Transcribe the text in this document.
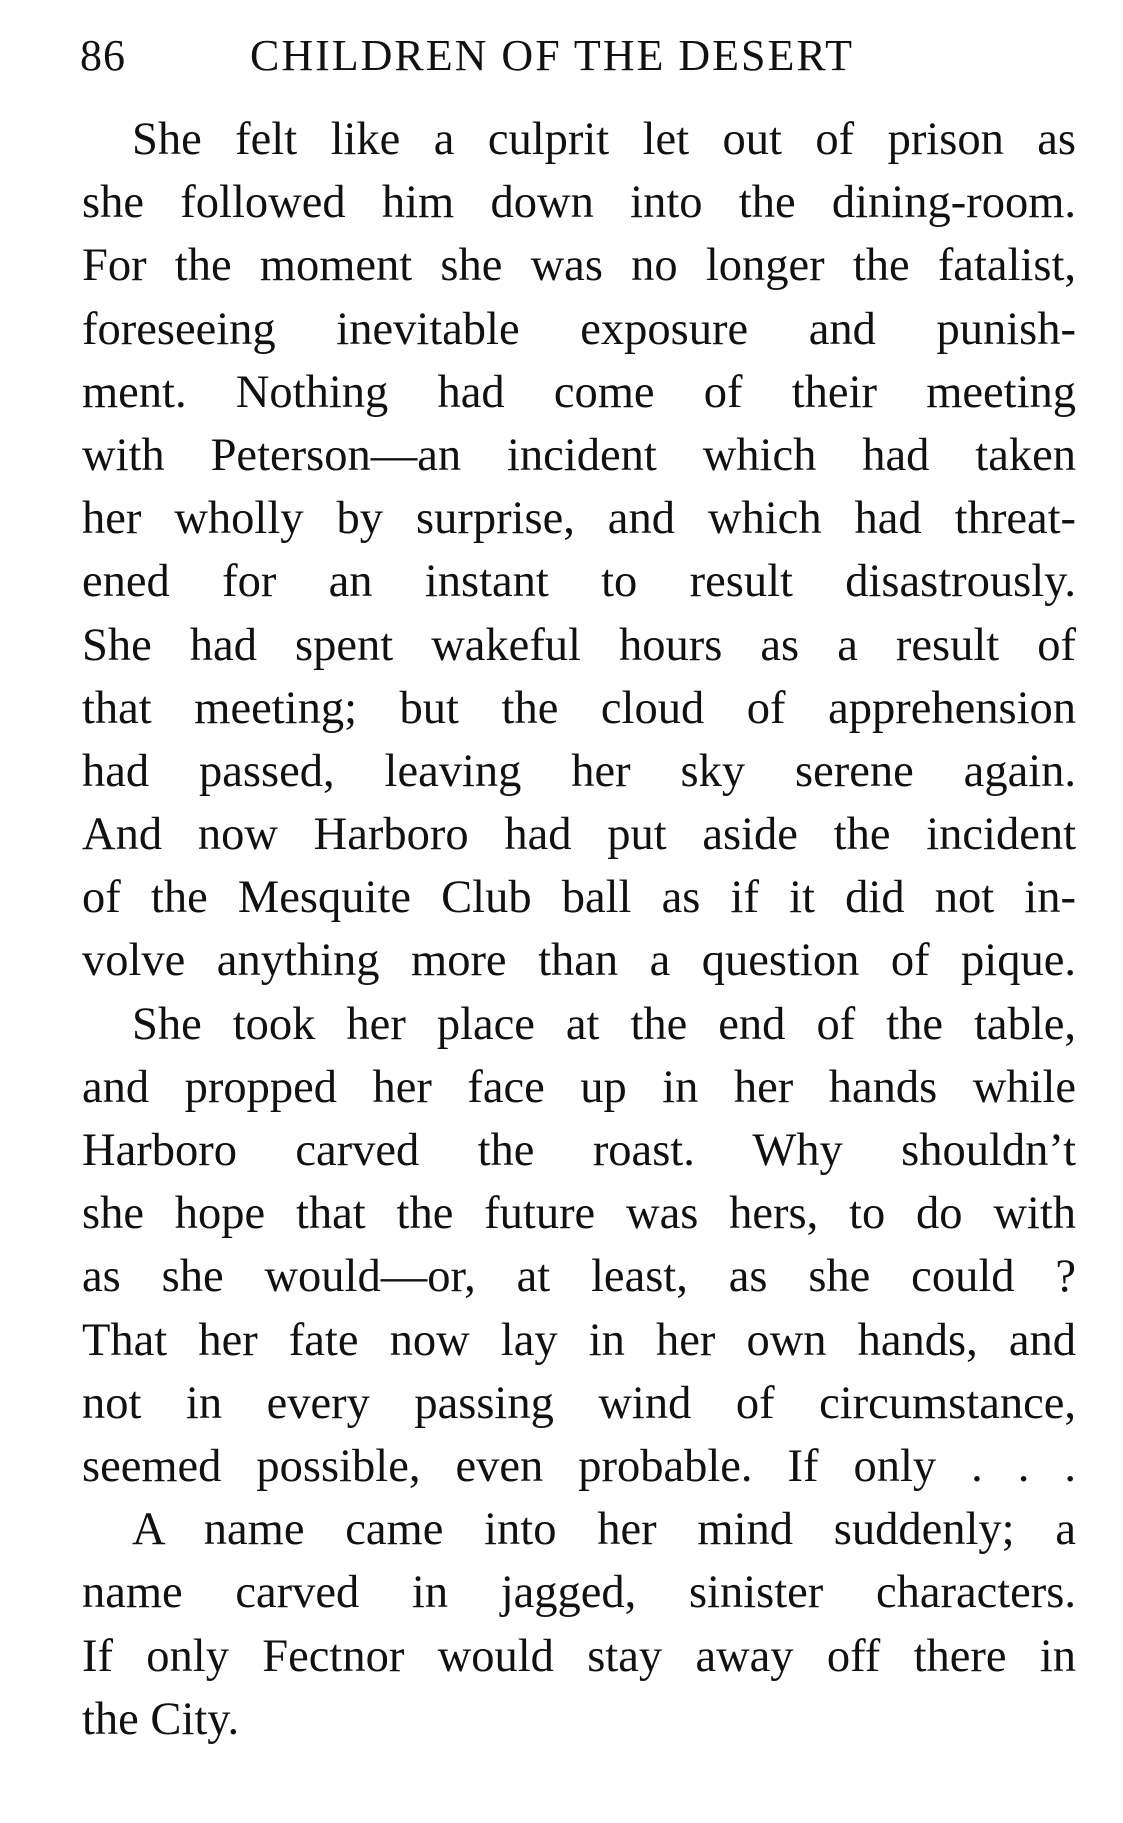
86	CHILDREN OF THE DESERT
She felt like a culprit let out of prison as
she followed him down into the dining-room.
For the moment she was no longer the fatalist,
foreseeing inevitable exposure and punish-
ment. Nothing had come of their meeting
with Peterson—an incident which had taken
her wholly by surprise, and which had threat-
ened for an instant to result disastrously.
She had spent wakeful hours as a result of
that meeting; but the cloud of apprehension
had passed, leaving her sky serene again.
And now Harboro had put aside the incident
of the Mesquite Club ball as if it did not in-
volve anything more than a question of pique.
She took her place at the end of the table,
and propped her face up in her hands while
Harboro carved the roast. Why shouldn’t
she hope that the future was hers, to do with
as she would—or, at least, as she could ?
That her fate now lay in her own hands, and
not in every passing wind of circumstance,
seemed possible, even probable. If only . . .
A name came into her mind suddenly; a
name carved in jagged, sinister characters.
If only Fectnor would stay away off there in
the City.
